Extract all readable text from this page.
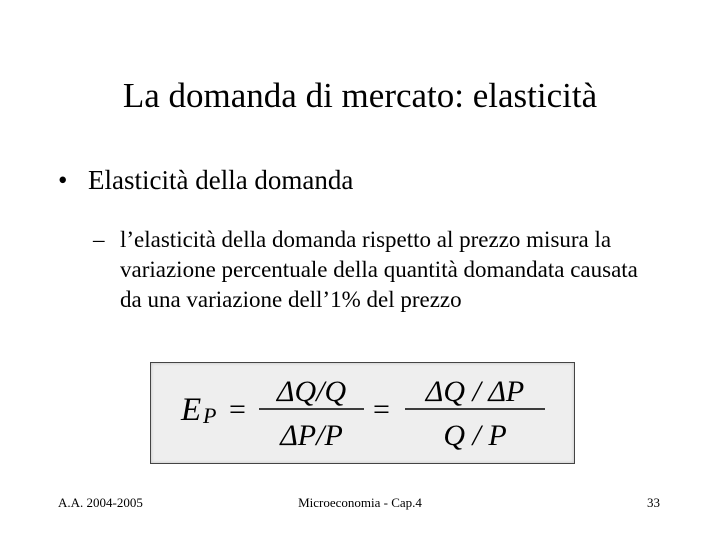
La domanda di mercato: elasticità
• Elasticità della domanda
– l’elasticità della domanda rispetto al prezzo misura la variazione percentuale della quantità domandata causata da una variazione dell’1% del prezzo
E P =
ΔQ/Q
ΔP/P
=
ΔQ / ΔP
Q / P
A.A. 2004-2005	Microeconomia - Cap.4	33
